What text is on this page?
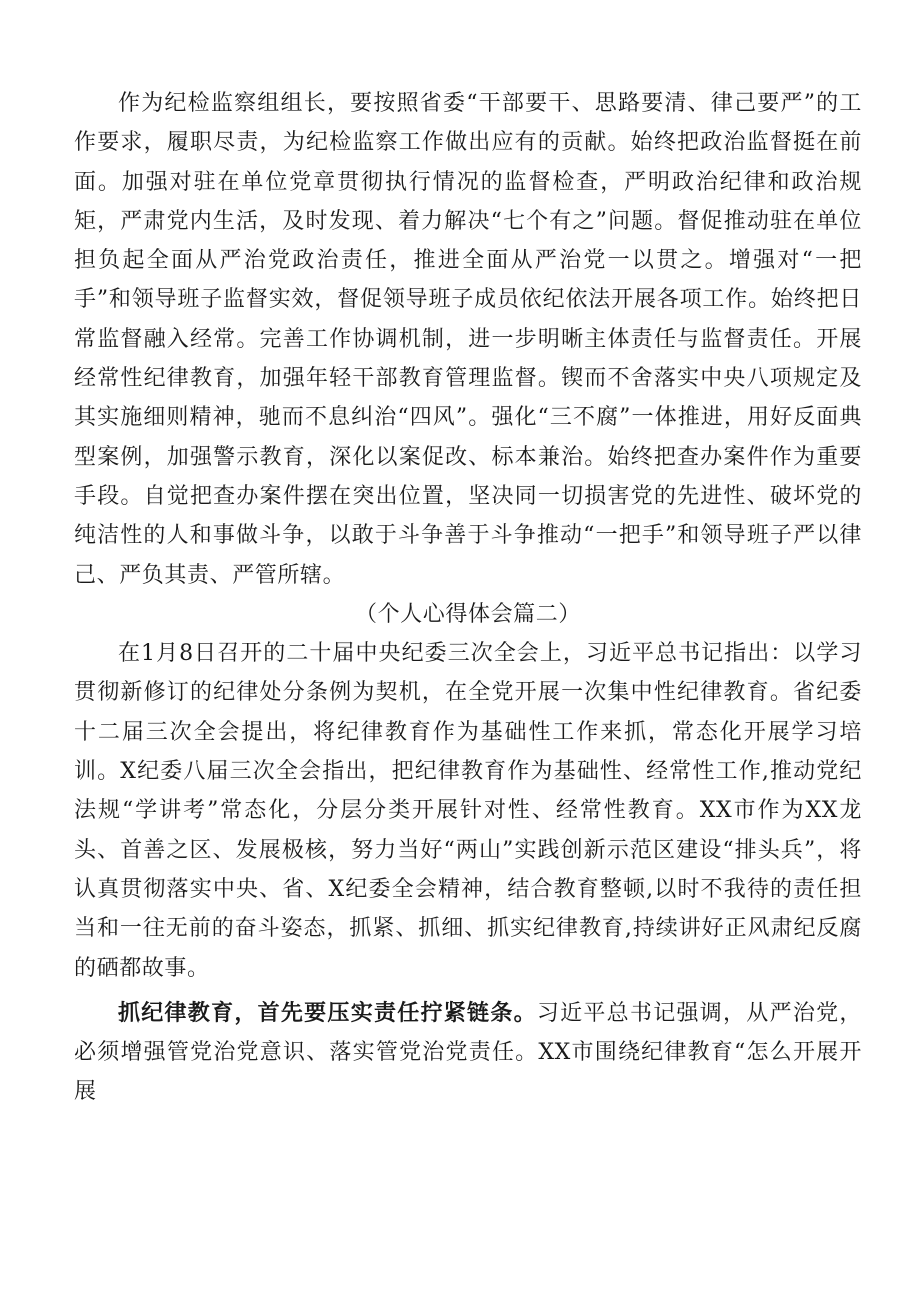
作为纪检监察组组长，要按照省委“干部要干、思路要清、律己要严”的工作要求，履职尽责，为纪检监察工作做出应有的贡献。始终把政治监督挺在前面。加强对驻在单位党章贯彻执行情况的监督检查，严明政治纪律和政治规矩，严肃党内生活，及时发现、着力解决“七个有之”问题。督促推动驻在单位担负起全面从严治党政治责任，推进全面从严治党一以贯之。增强对“一把手”和领导班子监督实效，督促领导班子成员依纪依法开展各项工作。始终把日常监督融入经常。完善工作协调机制，进一步明晰主体责任与监督责任。开展经常性纪律教育，加强年轻干部教育管理监督。锲而不舍落实中央八项规定及其实施细则精神，驰而不息纠治“四风”。强化“三不腐”一体推进，用好反面典型案例，加强警示教育，深化以案促改、标本兼治。始终把查办案件作为重要手段。自觉把查办案件摆在突出位置，坚决同一切损害党的先进性、破坏党的纯洁性的人和事做斗争，以敢于斗争善于斗争推动“一把手”和领导班子严以律己、严负其责、严管所辖。

（个人心得体会篇二）

在1月8日召开的二十届中央纪委三次全会上，习近平总书记指出：以学习贯彻新修订的纪律处分条例为契机，在全党开展一次集中性纪律教育。省纪委十二届三次全会提出，将纪律教育作为基础性工作来抓，常态化开展学习培训。X纪委八届三次全会指出，把纪律教育作为基础性、经常性工作,推动党纪法规“学讲考”常态化，分层分类开展针对性、经常性教育。XX市作为XX龙头、首善之区、发展极核，努力当好“两山”实践创新示范区建设“排头兵”，将认真贯彻落实中央、省、X纪委全会精神，结合教育整顿,以时不我待的责任担当和一往无前的奋斗姿态，抓紧、抓细、抓实纪律教育,持续讲好正风肃纪反腐的硒都故事。

抓纪律教育，首先要压实责任拧紧链条。习近平总书记强调，从严治党，必须增强管党治党意识、落实管党治党责任。XX市围绕纪律教育“怎么开展开展
